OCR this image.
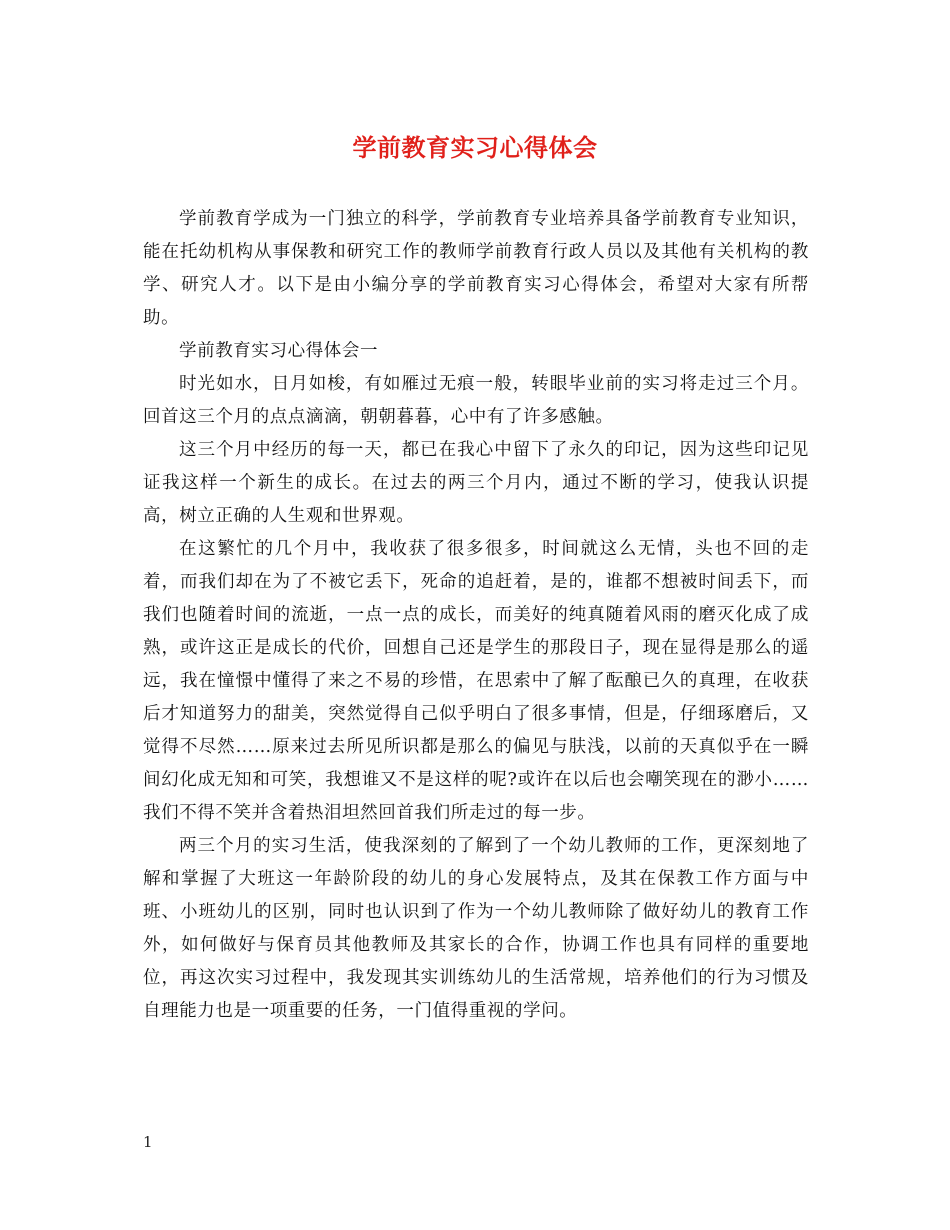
学前教育实习心得体会

学前教育学成为一门独立的科学，学前教育专业培养具备学前教育专业知识，能在托幼机构从事保教和研究工作的教师学前教育行政人员以及其他有关机构的教学、研究人才。以下是由小编分享的学前教育实习心得体会，希望对大家有所帮助。

学前教育实习心得体会一

时光如水，日月如梭，有如雁过无痕一般，转眼毕业前的实习将走过三个月。回首这三个月的点点滴滴，朝朝暮暮，心中有了许多感触。

这三个月中经历的每一天，都已在我心中留下了永久的印记，因为这些印记见证我这样一个新生的成长。在过去的两三个月内，通过不断的学习，使我认识提高，树立正确的人生观和世界观。

在这繁忙的几个月中，我收获了很多很多，时间就这么无情，头也不回的走着，而我们却在为了不被它丢下，死命的追赶着，是的，谁都不想被时间丢下，而我们也随着时间的流逝，一点一点的成长，而美好的纯真随着风雨的磨灭化成了成熟，或许这正是成长的代价，回想自己还是学生的那段日子，现在显得是那么的遥远，我在憧憬中懂得了来之不易的珍惜，在思索中了解了酝酿已久的真理，在收获后才知道努力的甜美，突然觉得自己似乎明白了很多事情，但是，仔细琢磨后，又觉得不尽然……原来过去所见所识都是那么的偏见与肤浅，以前的天真似乎在一瞬间幻化成无知和可笑，我想谁又不是这样的呢?或许在以后也会嘲笑现在的渺小……我们不得不笑并含着热泪坦然回首我们所走过的每一步。

两三个月的实习生活，使我深刻的了解到了一个幼儿教师的工作，更深刻地了解和掌握了大班这一年龄阶段的幼儿的身心发展特点，及其在保教工作方面与中班、小班幼儿的区别，同时也认识到了作为一个幼儿教师除了做好幼儿的教育工作外，如何做好与保育员其他教师及其家长的合作，协调工作也具有同样的重要地位，再这次实习过程中，我发现其实训练幼儿的生活常规，培养他们的行为习惯及自理能力也是一项重要的任务，一门值得重视的学问。

1
